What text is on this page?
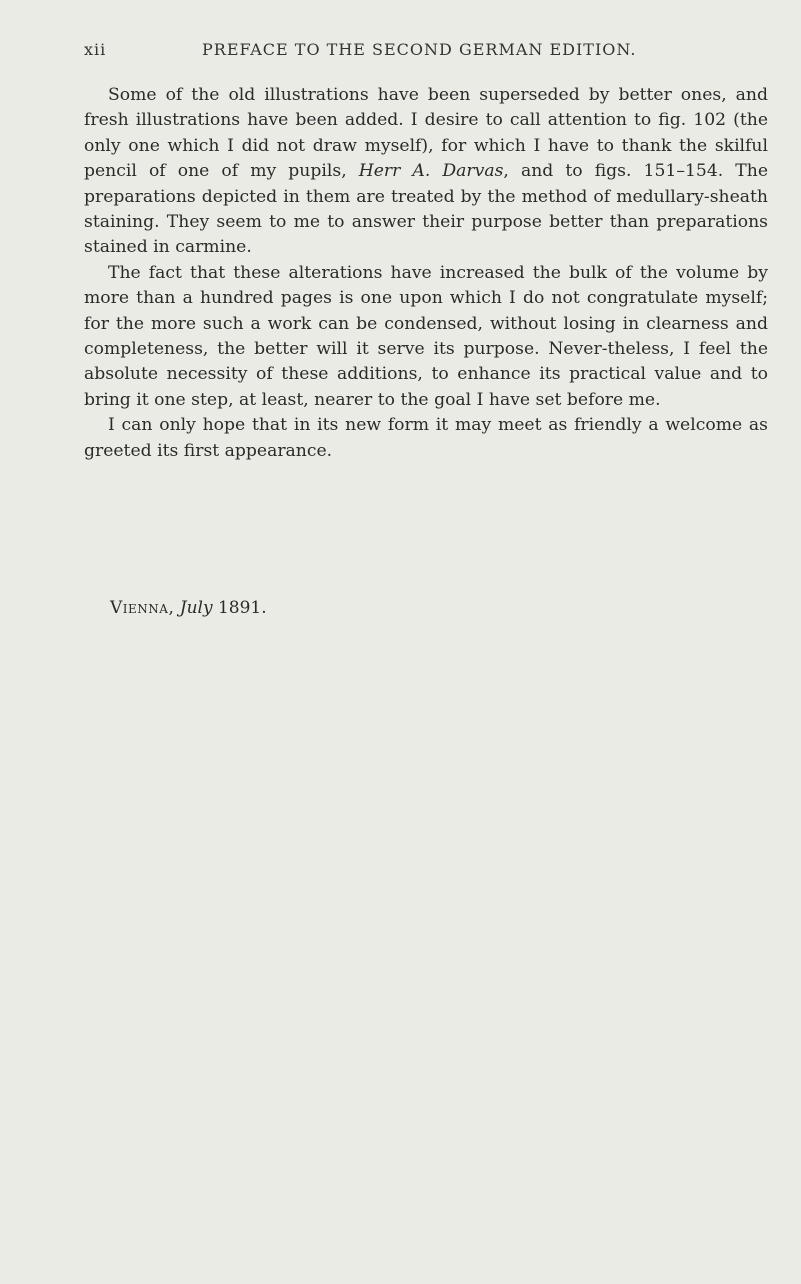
xii	PREFACE TO THE SECOND GERMAN EDITION.

Some of the old illustrations have been superseded by better ones, and fresh illustrations have been added. I desire to call attention to fig. 102 (the only one which I did not draw myself), for which I have to thank the skilful pencil of one of my pupils, Herr A. Darvas, and to figs. 151–154. The preparations depicted in them are treated by the method of medullary-sheath staining. They seem to me to answer their purpose better than preparations stained in carmine.

The fact that these alterations have increased the bulk of the volume by more than a hundred pages is one upon which I do not congratulate myself; for the more such a work can be condensed, without losing in clearness and completeness, the better will it serve its purpose. Never-theless, I feel the absolute necessity of these additions, to enhance its practical value and to bring it one step, at least, nearer to the goal I have set before me.

I can only hope that in its new form it may meet as friendly a welcome as greeted its first appearance.

Vienna, July 1891.
